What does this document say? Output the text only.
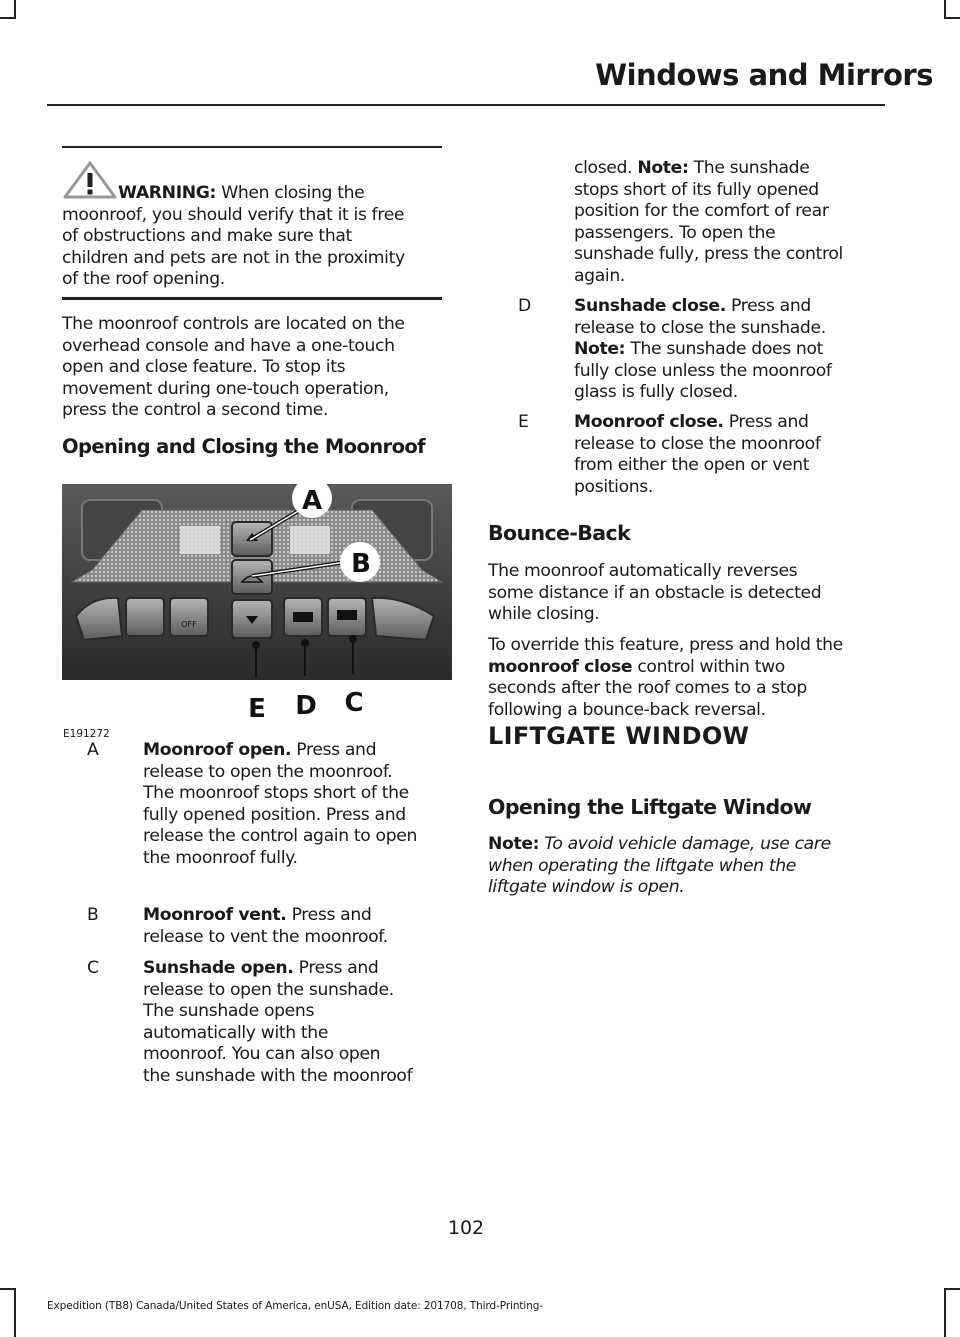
Windows and Mirrors
WARNING: When closing the
moonroof, you should verify that it is free
of obstructions and make sure that
children and pets are not in the proximity
of the roof opening.
The moonroof controls are located on the
overhead console and have a one-touch
open and close feature. To stop its
movement during one-touch operation,
press the control a second time.
Opening and Closing the Moonroof
OFF
A
B
C
D
E
E191272
A	Moonroof open. Press and
release to open the moonroof.
The moonroof stops short of the
fully opened position. Press and
release the control again to open
the moonroof fully.
B	Moonroof vent. Press and
release to vent the moonroof.
C	Sunshade open. Press and
release to open the sunshade.
The sunshade opens
automatically with the
moonroof. You can also open
the sunshade with the moonroof
closed. Note: The sunshade
stops short of its fully opened
position for the comfort of rear
passengers. To open the
sunshade fully, press the control
again.
D Sunshade close. Press and
release to close the sunshade.
Note: The sunshade does not
fully close unless the moonroof
glass is fully closed.
E	Moonroof close. Press and
release to close the moonroof
from either the open or vent
positions.
Bounce-Back
The moonroof automatically reverses
some distance if an obstacle is detected
while closing.
To override this feature, press and hold the
moonroof close control within two
seconds after the roof comes to a stop
following a bounce-back reversal.
LIFTGATE WINDOW
Opening the Liftgate Window
Note: To avoid vehicle damage, use care
when operating the liftgate when the
liftgate window is open.
102
Expedition (TB8) Canada/United States of America, enUSA, Edition date: 201708, Third-Printing-
